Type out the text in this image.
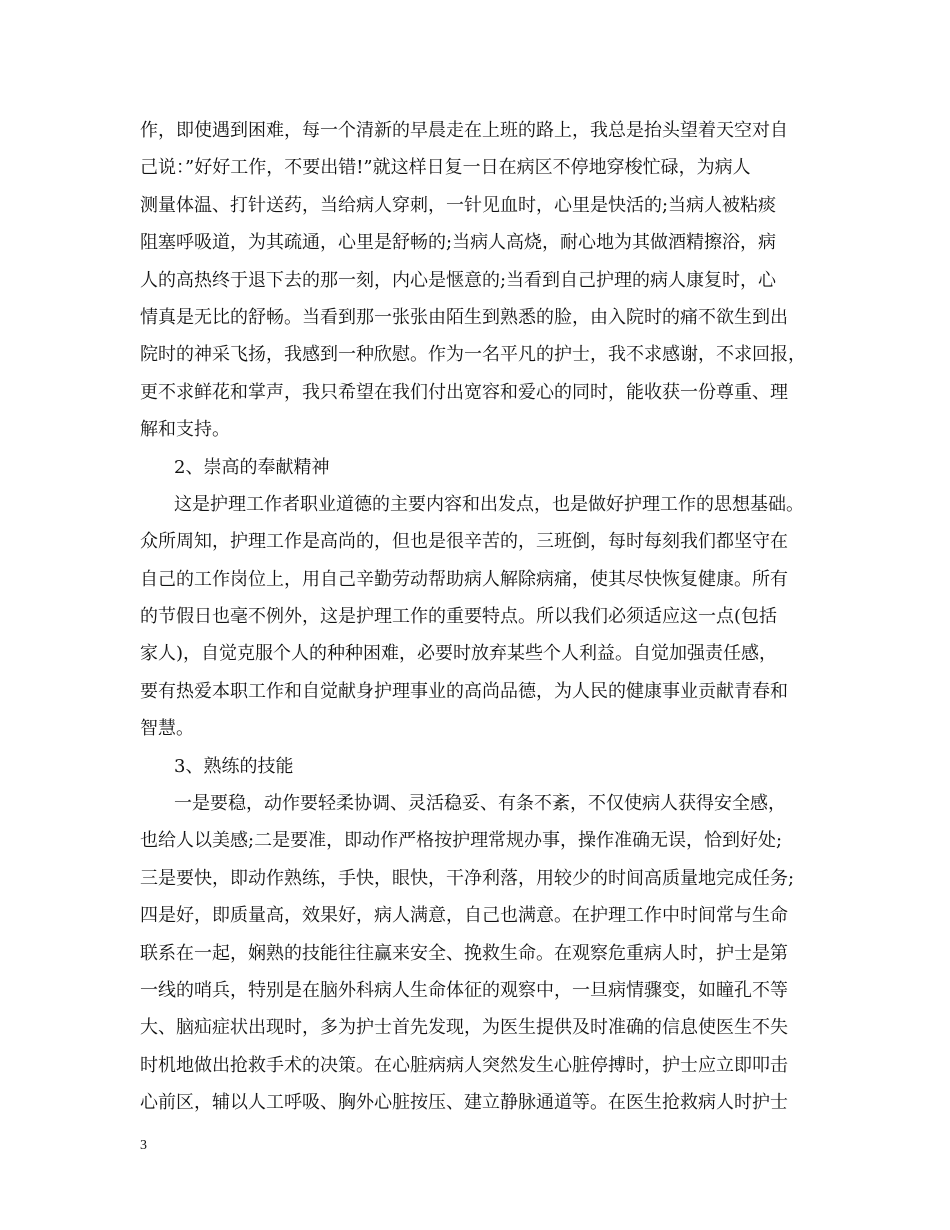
作，即使遇到困难，每一个清新的早晨走在上班的路上，我总是抬头望着天空对自
己说：”好好工作，不要出错!”就这样日复一日在病区不停地穿梭忙碌，为病人
测量体温、打针送药，当给病人穿刺，一针见血时，心里是快活的;当病人被粘痰
阻塞呼吸道，为其疏通，心里是舒畅的;当病人高烧，耐心地为其做酒精擦浴，病
人的高热终于退下去的那一刻，内心是惬意的;当看到自己护理的病人康复时，心
情真是无比的舒畅。当看到那一张张由陌生到熟悉的脸，由入院时的痛不欲生到出
院时的神采飞扬，我感到一种欣慰。作为一名平凡的护士，我不求感谢，不求回报，
更不求鲜花和掌声，我只希望在我们付出宽容和爱心的同时，能收获一份尊重、理
解和支持。
2、崇高的奉献精神
这是护理工作者职业道德的主要内容和出发点，也是做好护理工作的思想基础。
众所周知，护理工作是高尚的，但也是很辛苦的，三班倒，每时每刻我们都坚守在
自己的工作岗位上，用自己辛勤劳动帮助病人解除病痛，使其尽快恢复健康。所有
的节假日也毫不例外，这是护理工作的重要特点。所以我们必须适应这一点(包括
家人)，自觉克服个人的种种困难，必要时放弃某些个人利益。自觉加强责任感，
要有热爱本职工作和自觉献身护理事业的高尚品德，为人民的健康事业贡献青春和
智慧。
3、熟练的技能
一是要稳，动作要轻柔协调、灵活稳妥、有条不紊，不仅使病人获得安全感，
也给人以美感;二是要准，即动作严格按护理常规办事，操作准确无误，恰到好处;
三是要快，即动作熟练，手快，眼快，干净利落，用较少的时间高质量地完成任务;
四是好，即质量高，效果好，病人满意，自己也满意。在护理工作中时间常与生命
联系在一起，娴熟的技能往往赢来安全、挽救生命。在观察危重病人时，护士是第
一线的哨兵，特别是在脑外科病人生命体征的观察中，一旦病情骤变，如瞳孔不等
大、脑疝症状出现时，多为护士首先发现，为医生提供及时准确的信息使医生不失
时机地做出抢救手术的决策。在心脏病病人突然发生心脏停搏时，护士应立即叩击
心前区，辅以人工呼吸、胸外心脏按压、建立静脉通道等。在医生抢救病人时护士
3
